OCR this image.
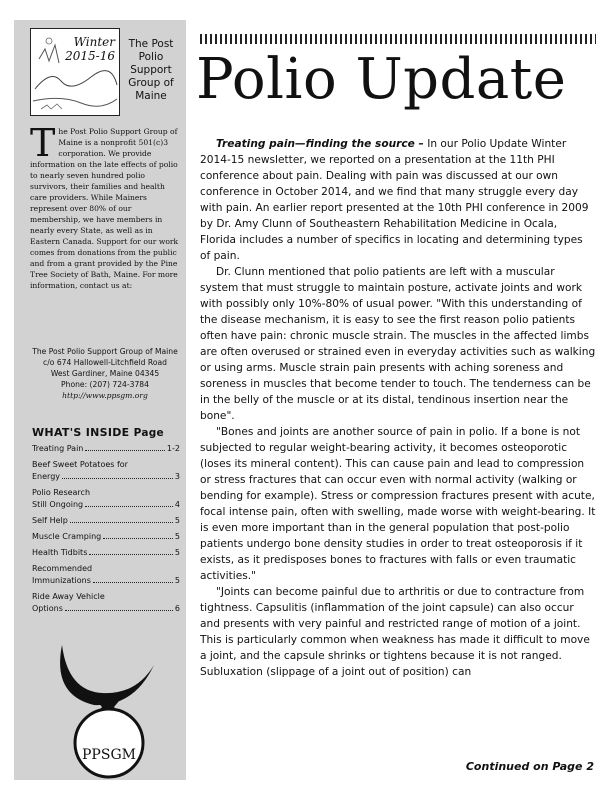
Winter
2015-16
The Post
Polio
Support
Group of
Maine
The Post Polio Support Group of Maine is a nonprofit 501(c)3 corporation. We provide information on the late effects of polio to nearly seven hundred polio survivors, their families and health care providers. While Mainers represent over 80% of our membership, we have members in nearly every State, as well as in Eastern Canada. Support for our work comes from donations from the public and from a grant provided by the Pine Tree Society of Bath, Maine. For more information, contact us at:
The Post Polio Support Group of Maine
c/o 674 Hallowell-Litchfield Road
West Gardiner, Maine 04345
Phone: (207) 724-3784
http://www.ppsgm.org
WHAT'S INSIDE Page
Treating Pain	1-2
Beef Sweet Potatoes for
Energy	3
Polio Research
Still Ongoing	4
Self Help	5
Muscle Cramping	5
Health Tidbits	5
Recommended
Immunizations	5
Ride Away Vehicle
Options	6
PPSGM
Polio Update

Treating pain—finding the source – In our Polio Update Winter 2014-15 newsletter, we reported on a presentation at the 11th PHI conference about pain. Dealing with pain was discussed at our own conference in October 2014, and we find that many struggle every day with pain. An earlier report presented at the 10th PHI conference in 2009 by Dr. Amy Clunn of Southeastern Rehabilitation Medicine in Ocala, Florida includes a number of specifics in locating and determining types of pain.

Dr. Clunn mentioned that polio patients are left with a muscular system that must struggle to maintain posture, activate joints and work with possibly only 10%-80% of usual power. "With this understanding of the disease mechanism, it is easy to see the first reason polio patients often have pain: chronic muscle strain. The muscles in the affected limbs are often overused or strained even in everyday activities such as walking or using arms. Muscle strain pain presents with aching soreness and soreness in muscles that become tender to touch. The tenderness can be in the belly of the muscle or at its distal, tendinous insertion near the bone".

"Bones and joints are another source of pain in polio. If a bone is not subjected to regular weight-bearing activity, it becomes osteoporotic (loses its mineral content). This can cause pain and lead to compression or stress fractures that can occur even with normal activity (walking or bending for example). Stress or compression fractures present with acute, focal intense pain, often with swelling, made worse with weight-bearing. It is even more important than in the general population that post-polio patients undergo bone density studies in order to treat osteoporosis if it exists, as it predisposes bones to fractures with falls or even traumatic activities."

"Joints can become painful due to arthritis or due to contracture from tightness. Capsulitis (inflammation of the joint capsule) can also occur and presents with very painful and restricted range of motion of a joint. This is particularly common when weakness has made it difficult to move a joint, and the capsule shrinks or tightens because it is not ranged. Subluxation (slippage of a joint out of position) can

Continued on Page 2
